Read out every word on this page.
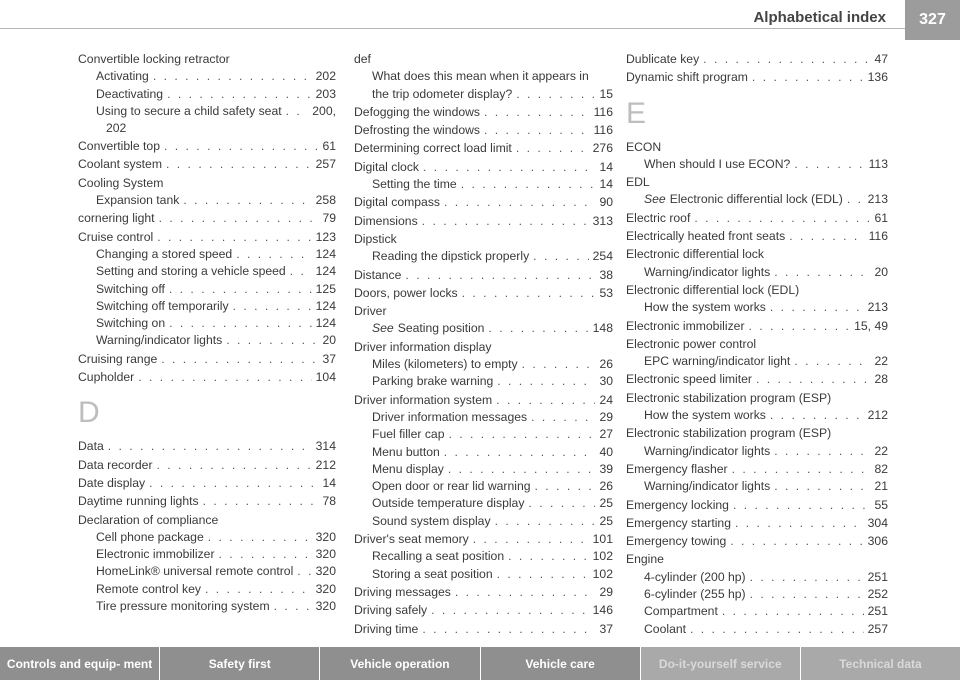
Alphabetical index	327
Convertible locking retractor
Activating . . .	202
Deactivating . . .	203
Using to secure a child safety seat . . .	200,
202
Convertible top . . .	61
Coolant system . . .	257
Cooling System
Expansion tank . . .	258
cornering light . . .	79
Cruise control . . .	123
Changing a stored speed . . .	124
Setting and storing a vehicle speed . . . 124
Switching off . . .	125
Switching off temporarily . . .	124
Switching on . . .	124
Warning/indicator lights . . .	20
Cruising range . . .	37
Cupholder . . .	104
D
Data . . .	314
Data recorder . . .	212
Date display . . .	14
Daytime running lights . . .	78
Declaration of compliance
Cell phone package . . .	320
Electronic immobilizer . . .	320
HomeLink® universal remote control . . . 320
Remote control key . . .	320
Tire pressure monitoring system . . .	320
def
What does this mean when it appears in
the trip odometer display? . . .	15
Defogging the windows . . .	116
Defrosting the windows . . .	116
Determining correct load limit . . .	276
Digital clock . . .	14
Setting the time . . .	14
Digital compass . . .	90
Dimensions . . .	313
Dipstick
Reading the dipstick properly . . .	254
Distance . . .	38
Doors, power locks . . .	53
Driver
See Seating position . . .	148
Driver information display
Miles (kilometers) to empty . . .	26
Parking brake warning . . .	30
Driver information system . . .	24
Driver information messages . . .	29
Fuel filler cap . . .	27
Menu button . . .	40
Menu display . . .	39
Open door or rear lid warning . . .	26
Outside temperature display . . .	25
Sound system display . . .	25
Driver's seat memory . . .	101
Recalling a seat position . . .	102
Storing a seat position . . .	102
Driving messages . . .	29
Driving safely . . .	146
Driving time . . .	37
Dublicate key . . .	47
Dynamic shift program . . .	136
E
ECON
When should I use ECON? . . .	113
EDL
See Electronic differential lock (EDL) . . . 213
Electric roof . . .	61
Electrically heated front seats . . .	116
Electronic differential lock
Warning/indicator lights . . .	20
Electronic differential lock (EDL)
How the system works . . .	213
Electronic immobilizer . . .	15, 49
Electronic power control
EPC warning/indicator light . . .	22
Electronic speed limiter . . .	28
Electronic stabilization program (ESP)
How the system works . . .	212
Electronic stabilization program (ESP)
Warning/indicator lights . . .	22
Emergency flasher . . .	82
Warning/indicator lights . . .	21
Emergency locking . . .	55
Emergency starting . . .	304
Emergency towing . . .	306
Engine
4-cylinder (200 hp) . . .	251
6-cylinder (255 hp) . . .	252
Compartment . . .	251
Coolant . . .	257
Controls and equip- ment	Safety first	Vehicle operation	Vehicle care	Do-it-yourself service	Technical data
